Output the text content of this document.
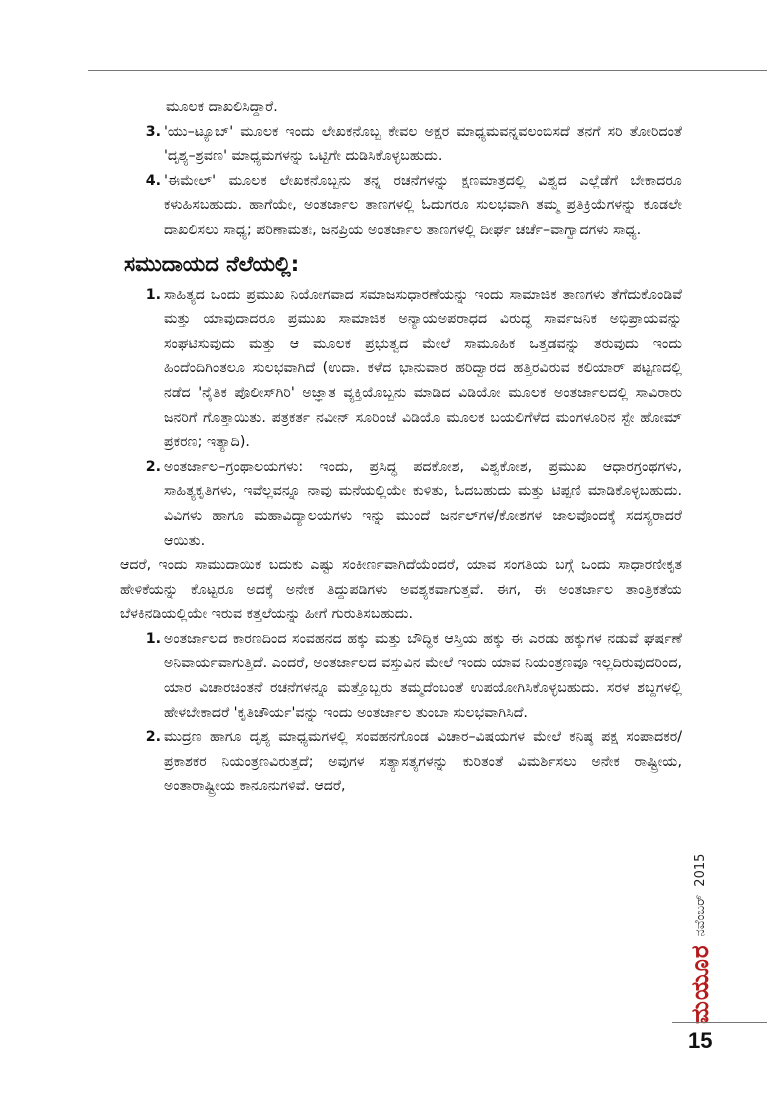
ಮೂಲಕ ದಾಖಲಿಸಿದ್ದಾರೆ.

3. 'ಯು–ಟ್ಯೂಬ್' ಮೂಲಕ ಇಂದು ಲೇಖಕನೊಬ್ಬ ಕೇವಲ ಅಕ್ಷರ ಮಾಧ್ಯಮವನ್ನವಲಂಬಿಸದೆ ತನಗೆ ಸರಿ ತೋರಿದಂತೆ 'ದೃಶ್ಯ–ಶ್ರವಣ' ಮಾಧ್ಯಮಗಳನ್ನು ಒಟ್ಟಿಗೇ ದುಡಿಸಿಕೊಳ್ಳಬಹುದು.
4. 'ಈಮೇಲ್' ಮೂಲಕ ಲೇಖಕನೊಬ್ಬನು ತನ್ನ ರಚನೆಗಳನ್ನು ಕ್ಷಣಮಾತ್ರದಲ್ಲಿ ವಿಶ್ವದ ಎಲ್ಲೆಡೆಗೆ ಬೇಕಾದರೂ ಕಳುಹಿಸಬಹುದು. ಹಾಗೆಯೇ, ಅಂತರ್ಜಾಲ ತಾಣಗಳಲ್ಲಿ ಓದುಗರೂ ಸುಲಭವಾಗಿ ತಮ್ಮ ಪ್ರತಿಕ್ರಿಯೆಗಳನ್ನು ಕೂಡಲೇ ದಾಖಲಿಸಲು ಸಾಧ್ಯ; ಪರಿಣಾಮತಃ, ಜನಪ್ರಿಯ ಅಂತರ್ಜಾಲ ತಾಣಗಳಲ್ಲಿ ದೀರ್ಘ ಚರ್ಚೆ–ವಾಗ್ವಾದಗಳು ಸಾಧ್ಯ.
ಸಮುದಾಯದ ನೆಲೆಯಲ್ಲಿ:
1. ಸಾಹಿತ್ಯದ ಒಂದು ಪ್ರಮುಖ ನಿಯೋಗವಾದ ಸಮಾಜಸುಧಾರಣೆಯನ್ನು ಇಂದು ಸಾಮಾಜಿಕ ತಾಣಗಳು ತೆಗೆದುಕೊಂಡಿವೆ ಮತ್ತು ಯಾವುದಾದರೂ ಪ್ರಮುಖ ಸಾಮಾಜಿಕ ಅನ್ಯಾಯಅಪರಾಧದ ವಿರುದ್ಧ ಸಾರ್ವಜನಿಕ ಅಭಿಪ್ರಾಯವನ್ನು ಸಂಘಟಿಸುವುದು ಮತ್ತು ಆ ಮೂಲಕ ಪ್ರಭುತ್ವದ ಮೇಲೆ ಸಾಮೂಹಿಕ ಒತ್ತಡವನ್ನು ತರುವುದು ಇಂದು ಹಿಂದೆಂದಿಗಿಂತಲೂ ಸುಲಭವಾಗಿದೆ (ಉದಾ. ಕಳೆದ ಭಾನುವಾರ ಹರಿದ್ವಾರದ ಹತ್ತಿರವಿರುವ ಕಲಿಯಾರ್ ಪಟ್ಟಣದಲ್ಲಿ ನಡೆದ 'ನೈತಿಕ ಪೊಲೀಸ್‌ಗಿರಿ' ಅಜ್ಞಾತ ವ್ಯಕ್ತಿಯೊಬ್ಬನು ಮಾಡಿದ ವಿಡಿಯೋ ಮೂಲಕ ಅಂತರ್ಜಾಲದಲ್ಲಿ ಸಾವಿರಾರು ಜನರಿಗೆ ಗೊತ್ತಾಯಿತು. ಪತ್ರಕರ್ತ ನವೀನ್ ಸೂರಿಂಜೆ ವಿಡಿಯೊ ಮೂಲಕ ಬಯಲಿಗೆಳೆದ ಮಂಗಳೂರಿನ ಸ್ಟೇ ಹೋಮ್ ಪ್ರಕರಣ; ಇತ್ಯಾದಿ).
2. ಅಂತರ್ಜಾಲ–ಗ್ರಂಥಾಲಯಗಳು: ಇಂದು, ಪ್ರಸಿದ್ಧ ಪದಕೋಶ, ವಿಶ್ವಕೋಶ, ಪ್ರಮುಖ ಆಧಾರಗ್ರಂಥಗಳು, ಸಾಹಿತ್ಯಕೃತಿಗಳು, ಇವೆಲ್ಲವನ್ನೂ ನಾವು ಮನೆಯಲ್ಲಿಯೇ ಕುಳಿತು, ಓದಬಹುದು ಮತ್ತು ಟಿಪ್ಪಣಿ ಮಾಡಿಕೊಳ್ಳಬಹುದು. ವಿವಿಗಳು ಹಾಗೂ ಮಹಾವಿದ್ಯಾಲಯಗಳು ಇನ್ನು ಮುಂದೆ ಜರ್ನಲ್‌ಗಳ/ಕೋಶಗಳ ಜಾಲವೊಂದಕ್ಕೆ ಸದಸ್ಯರಾದರೆ ಆಯಿತು.

ಆದರೆ, ಇಂದು ಸಾಮುದಾಯಿಕ ಬದುಕು ಎಷ್ಟು ಸಂಕೀರ್ಣವಾಗಿದೆಯೆಂದರೆ, ಯಾವ ಸಂಗತಿಯ ಬಗ್ಗೆ ಒಂದು ಸಾಧಾರಣೀಕೃತ ಹೇಳಿಕೆಯನ್ನು ಕೊಟ್ಟರೂ ಅದಕ್ಕೆ ಅನೇಕ ತಿದ್ದುಪಡಿಗಳು ಅವಶ್ಯಕವಾಗುತ್ತವೆ. ಈಗ, ಈ ಅಂತರ್ಜಾಲ ತಾಂತ್ರಿಕತೆಯ ಬೆಳಕಿನಡಿಯಲ್ಲಿಯೇ ಇರುವ ಕತ್ತಲೆಯನ್ನು ಹೀಗೆ ಗುರುತಿಸಬಹುದು.

1. ಅಂತರ್ಜಾಲದ ಕಾರಣದಿಂದ ಸಂವಹನದ ಹಕ್ಕು ಮತ್ತು ಬೌದ್ಧಿಕ ಆಸ್ತಿಯ ಹಕ್ಕು ಈ ಎರಡು ಹಕ್ಕುಗಳ ನಡುವೆ ಘರ್ಷಣೆ ಅನಿವಾರ್ಯವಾಗುತ್ತಿದೆ. ಎಂದರೆ, ಅಂತರ್ಜಾಲದ ವಸ್ತುವಿನ ಮೇಲೆ ಇಂದು ಯಾವ ನಿಯಂತ್ರಣವೂ ಇಲ್ಲದಿರುವುದರಿಂದ, ಯಾರ ವಿಚಾರಚಿಂತನೆ ರಚನೆಗಳನ್ನೂ ಮತ್ತೊಬ್ಬರು ತಮ್ಮದೆಂಬಂತೆ ಉಪಯೋಗಿಸಿಕೊಳ್ಳಬಹುದು. ಸರಳ ಶಬ್ದಗಳಲ್ಲಿ ಹೇಳಬೇಕಾದರೆ 'ಕೃತಿಚೌರ್ಯ'ವನ್ನು ಇಂದು ಅಂತರ್ಜಾಲ ತುಂಬಾ ಸುಲಭವಾಗಿಸಿದೆ.
2. ಮುದ್ರಣ ಹಾಗೂ ದೃಶ್ಯ ಮಾಧ್ಯಮಗಳಲ್ಲಿ ಸಂವಹನಗೊಂಡ ವಿಚಾರ–ವಿಷಯಗಳ ಮೇಲೆ ಕನಿಷ್ಠ ಪಕ್ಷ ಸಂಪಾದಕರ/ ಪ್ರಕಾಶಕರ ನಿಯಂತ್ರಣವಿರುತ್ತದೆ; ಅವುಗಳ ಸತ್ಯಾಸತ್ಯಗಳನ್ನು ಕುರಿತಂತೆ ವಿಮರ್ಶಿಸಲು ಅನೇಕ ರಾಷ್ಟ್ರೀಯ, ಅಂತಾರಾಷ್ಟ್ರೀಯ ಕಾನೂನುಗಳಿವೆ. ಆದರೆ,
ಮಯೂರ
ನವೆಂಬರ್
2015
15
